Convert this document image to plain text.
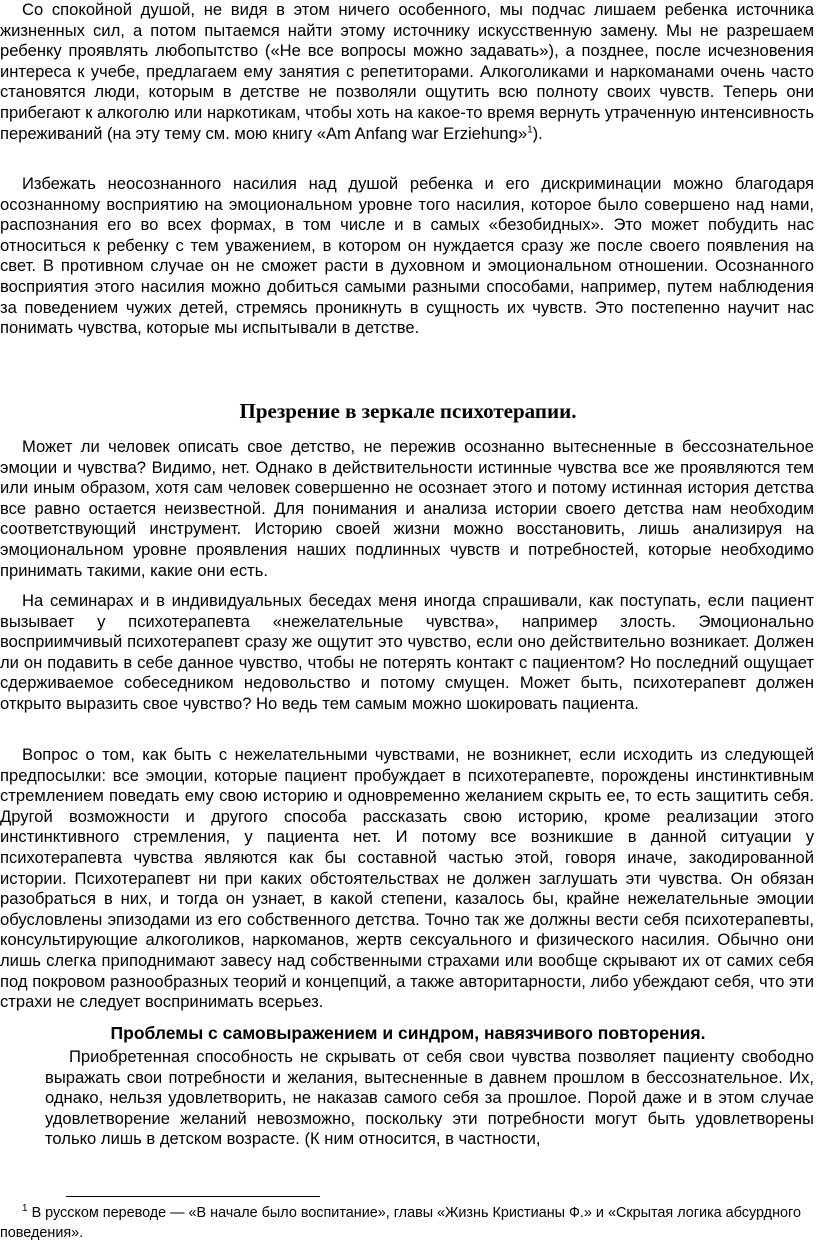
Со спокойной душой, не видя в этом ничего особенного, мы подчас лишаем ребенка источника жизненных сил, а потом пытаемся найти этому источнику искусственную замену. Мы не разрешаем ребенку проявлять любопытство («Не все вопросы можно задавать»), а позднее, после исчезновения интереса к учебе, предлагаем ему занятия с репетиторами. Алкоголиками и наркоманами очень часто становятся люди, которым в детстве не позволяли ощутить всю полноту своих чувств. Теперь они прибегают к алкоголю или наркотикам, чтобы хоть на какое-то время вернуть утраченную интенсивность переживаний (на эту тему см. мою книгу «Am Anfang war Erziehung»$^1$).

Избежать неосознанного насилия над душой ребенка и его дискриминации можно благодаря осознанному восприятию на эмоциональном уровне того насилия, которое было совершено над нами, распознания его во всех формах, в том числе и в самых «безобидных». Это может побудить нас относиться к ребенку с тем уважением, в котором он нуждается сразу же после своего появления на свет. В противном случае он не сможет расти в духовном и эмоциональном отношении. Осознанного восприятия этого насилия можно добиться самыми разными способами, например, путем наблюдения за поведением чужих детей, стремясь проникнуть в сущность их чувств. Это постепенно научит нас понимать чувства, которые мы испытывали в детстве.

Презрение в зеркале психотерапии.

Может ли человек описать свое детство, не пережив осознанно вытесненные в бессознательное эмоции и чувства? Видимо, нет. Однако в действительности истинные чувства все же проявляются тем или иным образом, хотя сам человек совершенно не осознает этого и потому истинная история детства все равно остается неизвестной. Для понимания и анализа истории своего детства нам необходим соответствующий инструмент. Историю своей жизни можно восстановить, лишь анализируя на эмоциональном уровне проявления наших подлинных чувств и потребностей, которые необходимо принимать такими, какие они есть.

На семинарах и в индивидуальных беседах меня иногда спрашивали, как поступать, если пациент вызывает у психотерапевта «нежелательные чувства», например злость. Эмоционально восприимчивый психотерапевт сразу же ощутит это чувство, если оно действительно возникает. Должен ли он подавить в себе данное чувство, чтобы не потерять контакт с пациентом? Но последний ощущает сдерживаемое собеседником недовольство и потому смущен. Может быть, психотерапевт должен открыто выразить свое чувство? Но ведь тем самым можно шокировать пациента.

Вопрос о том, как быть с нежелательными чувствами, не возникнет, если исходить из следующей предпосылки: все эмоции, которые пациент пробуждает в психотерапевте, порождены инстинктивным стремлением поведать ему свою историю и одновременно желанием скрыть ее, то есть защитить себя. Другой возможности и другого способа рассказать свою историю, кроме реализации этого инстинктивного стремления, у пациента нет. И потому все возникшие в данной ситуации у психотерапевта чувства являются как бы составной частью этой, говоря иначе, закодированной истории. Психотерапевт ни при каких обстоятельствах не должен заглушать эти чувства. Он обязан разобраться в них, и тогда он узнает, в какой степени, казалось бы, крайне нежелательные эмоции обусловлены эпизодами из его собственного детства. Точно так же должны вести себя психотерапевты, консультирующие алкоголиков, наркоманов, жертв сексуального и физического насилия. Обычно они лишь слегка приподнимают завесу над собственными страхами или вообще скрывают их от самих себя под покровом разнообразных теорий и концепций, а также авторитарности, либо убеждают себя, что эти страхи не следует воспринимать всерьез.

Проблемы с самовыражением и синдром, навязчивого повторения.

Приобретенная способность не скрывать от себя свои чувства позволяет пациенту свободно выражать свои потребности и желания, вытесненные в давнем прошлом в бессознательное. Их, однако, нельзя удовлетворить, не наказав самого себя за прошлое. Порой даже и в этом случае удовлетворение желаний невозможно, поскольку эти потребности могут быть удовлетворены только лишь в детском возрасте. (К ним относится, в частности,

$^1$ В русском переводе — «В начале было воспитание», главы «Жизнь Кристианы Ф.» и «Скрытая логика абсурдного поведения».
